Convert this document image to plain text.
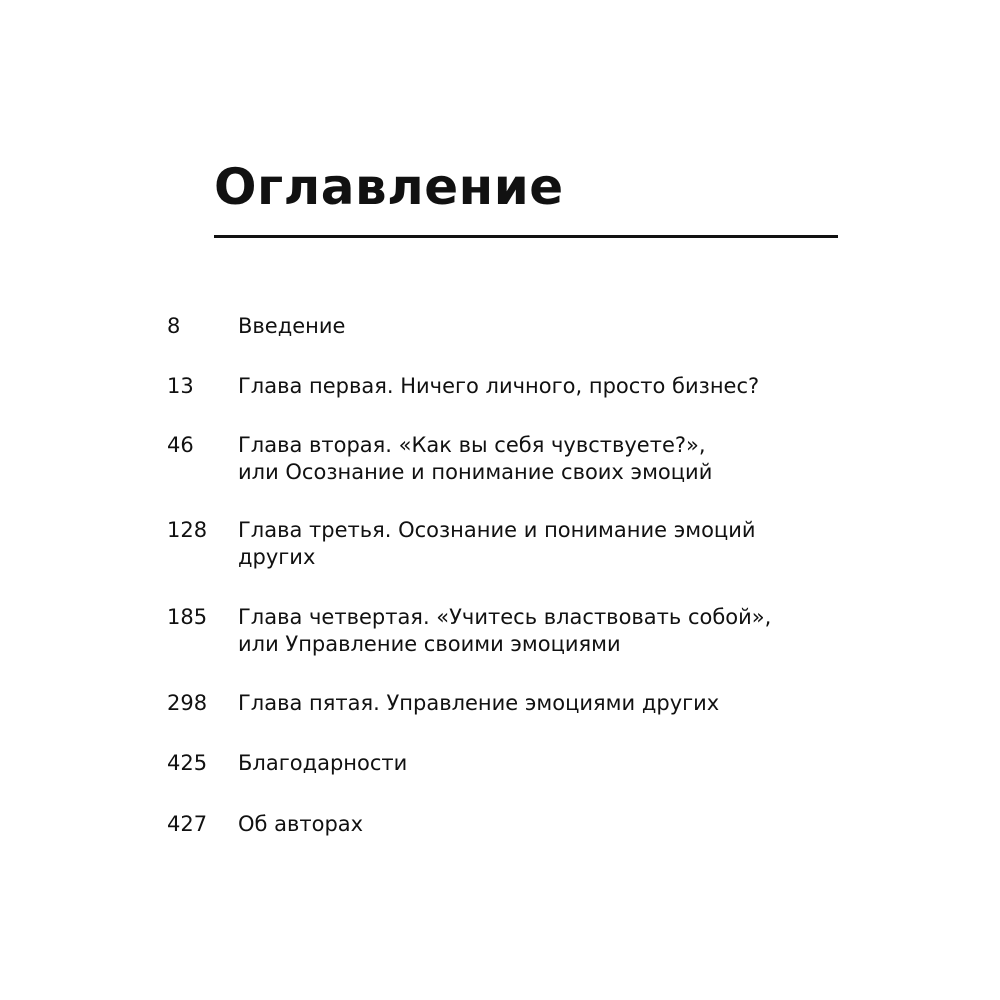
Оглавление
8	Введение
13	Глава первая. Ничего личного, просто бизнес?
46	Глава вторая. «Как вы себя чувствуете?»,
или Осознание и понимание своих эмоций
128	Глава третья. Осознание и понимание эмоций
других
185	Глава четвертая. «Учитесь властвовать собой»,
или Управление своими эмоциями
298	Глава пятая. Управление эмоциями других
425	Благодарности
427	Об авторах
